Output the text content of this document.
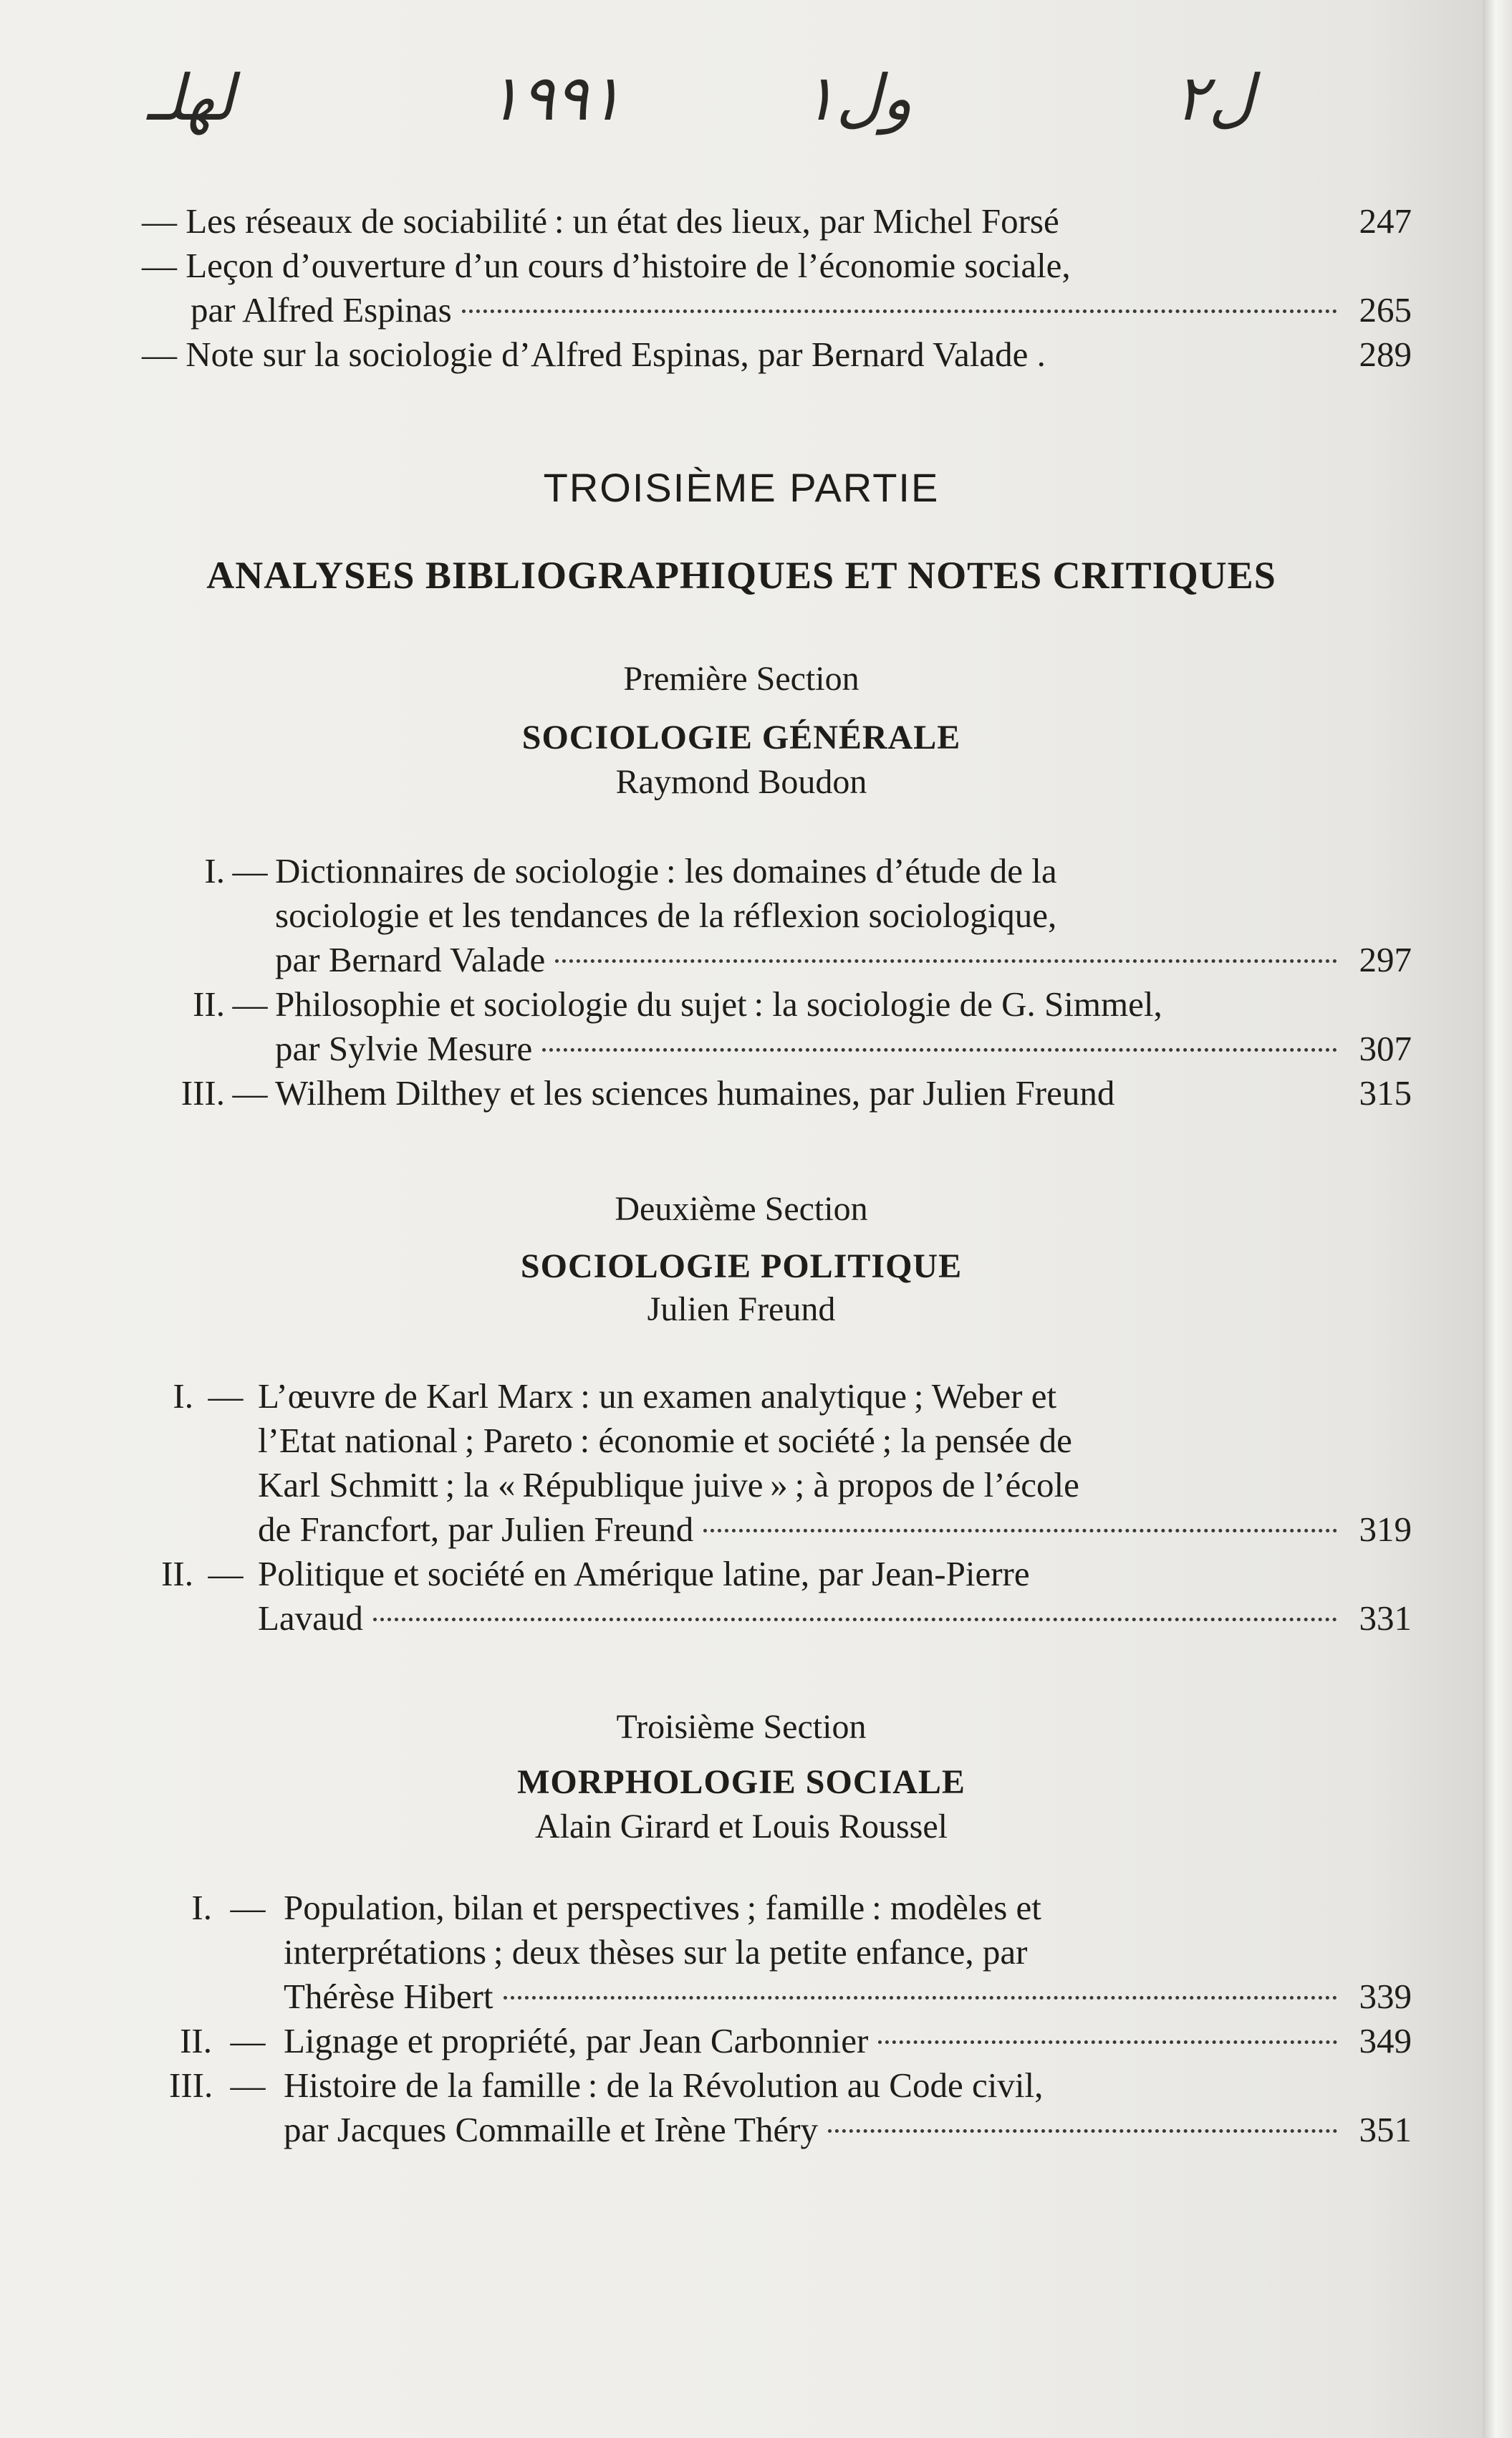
لهلـ	١٩٩١	ول١	ل٢
— Les réseaux de sociabilité : un état des lieux, par Michel Forsé	247
— Leçon d’ouverture d’un cours d’histoire de l’économie sociale,
par Alfred Espinas	265
— Note sur la sociologie d’Alfred Espinas, par Bernard Valade .	289
TROISIÈME PARTIE
ANALYSES BIBLIOGRAPHIQUES ET NOTES CRITIQUES
Première Section
SOCIOLOGIE GÉNÉRALE
Raymond Boudon
I. — Dictionnaires de sociologie : les domaines d’étude de la
sociologie et les tendances de la réflexion sociologique,
par Bernard Valade	297
II. — Philosophie et sociologie du sujet : la sociologie de G. Simmel,
par Sylvie Mesure	307
III. — Wilhem Dilthey et les sciences humaines, par Julien Freund	315
Deuxième Section
SOCIOLOGIE POLITIQUE
Julien Freund
I. — L’œuvre de Karl Marx : un examen analytique ; Weber et
l’Etat national ; Pareto : économie et société ; la pensée de
Karl Schmitt ; la « République juive » ; à propos de l’école
de Francfort, par Julien Freund	319
II. — Politique et société en Amérique latine, par Jean-Pierre
Lavaud	331
Troisième Section
MORPHOLOGIE SOCIALE
Alain Girard et Louis Roussel
I. — Population, bilan et perspectives ; famille : modèles et
interprétations ; deux thèses sur la petite enfance, par
Thérèse Hibert	339
II. — Lignage et propriété, par Jean Carbonnier	349
III. — Histoire de la famille : de la Révolution au Code civil,
par Jacques Commaille et Irène Théry	351
